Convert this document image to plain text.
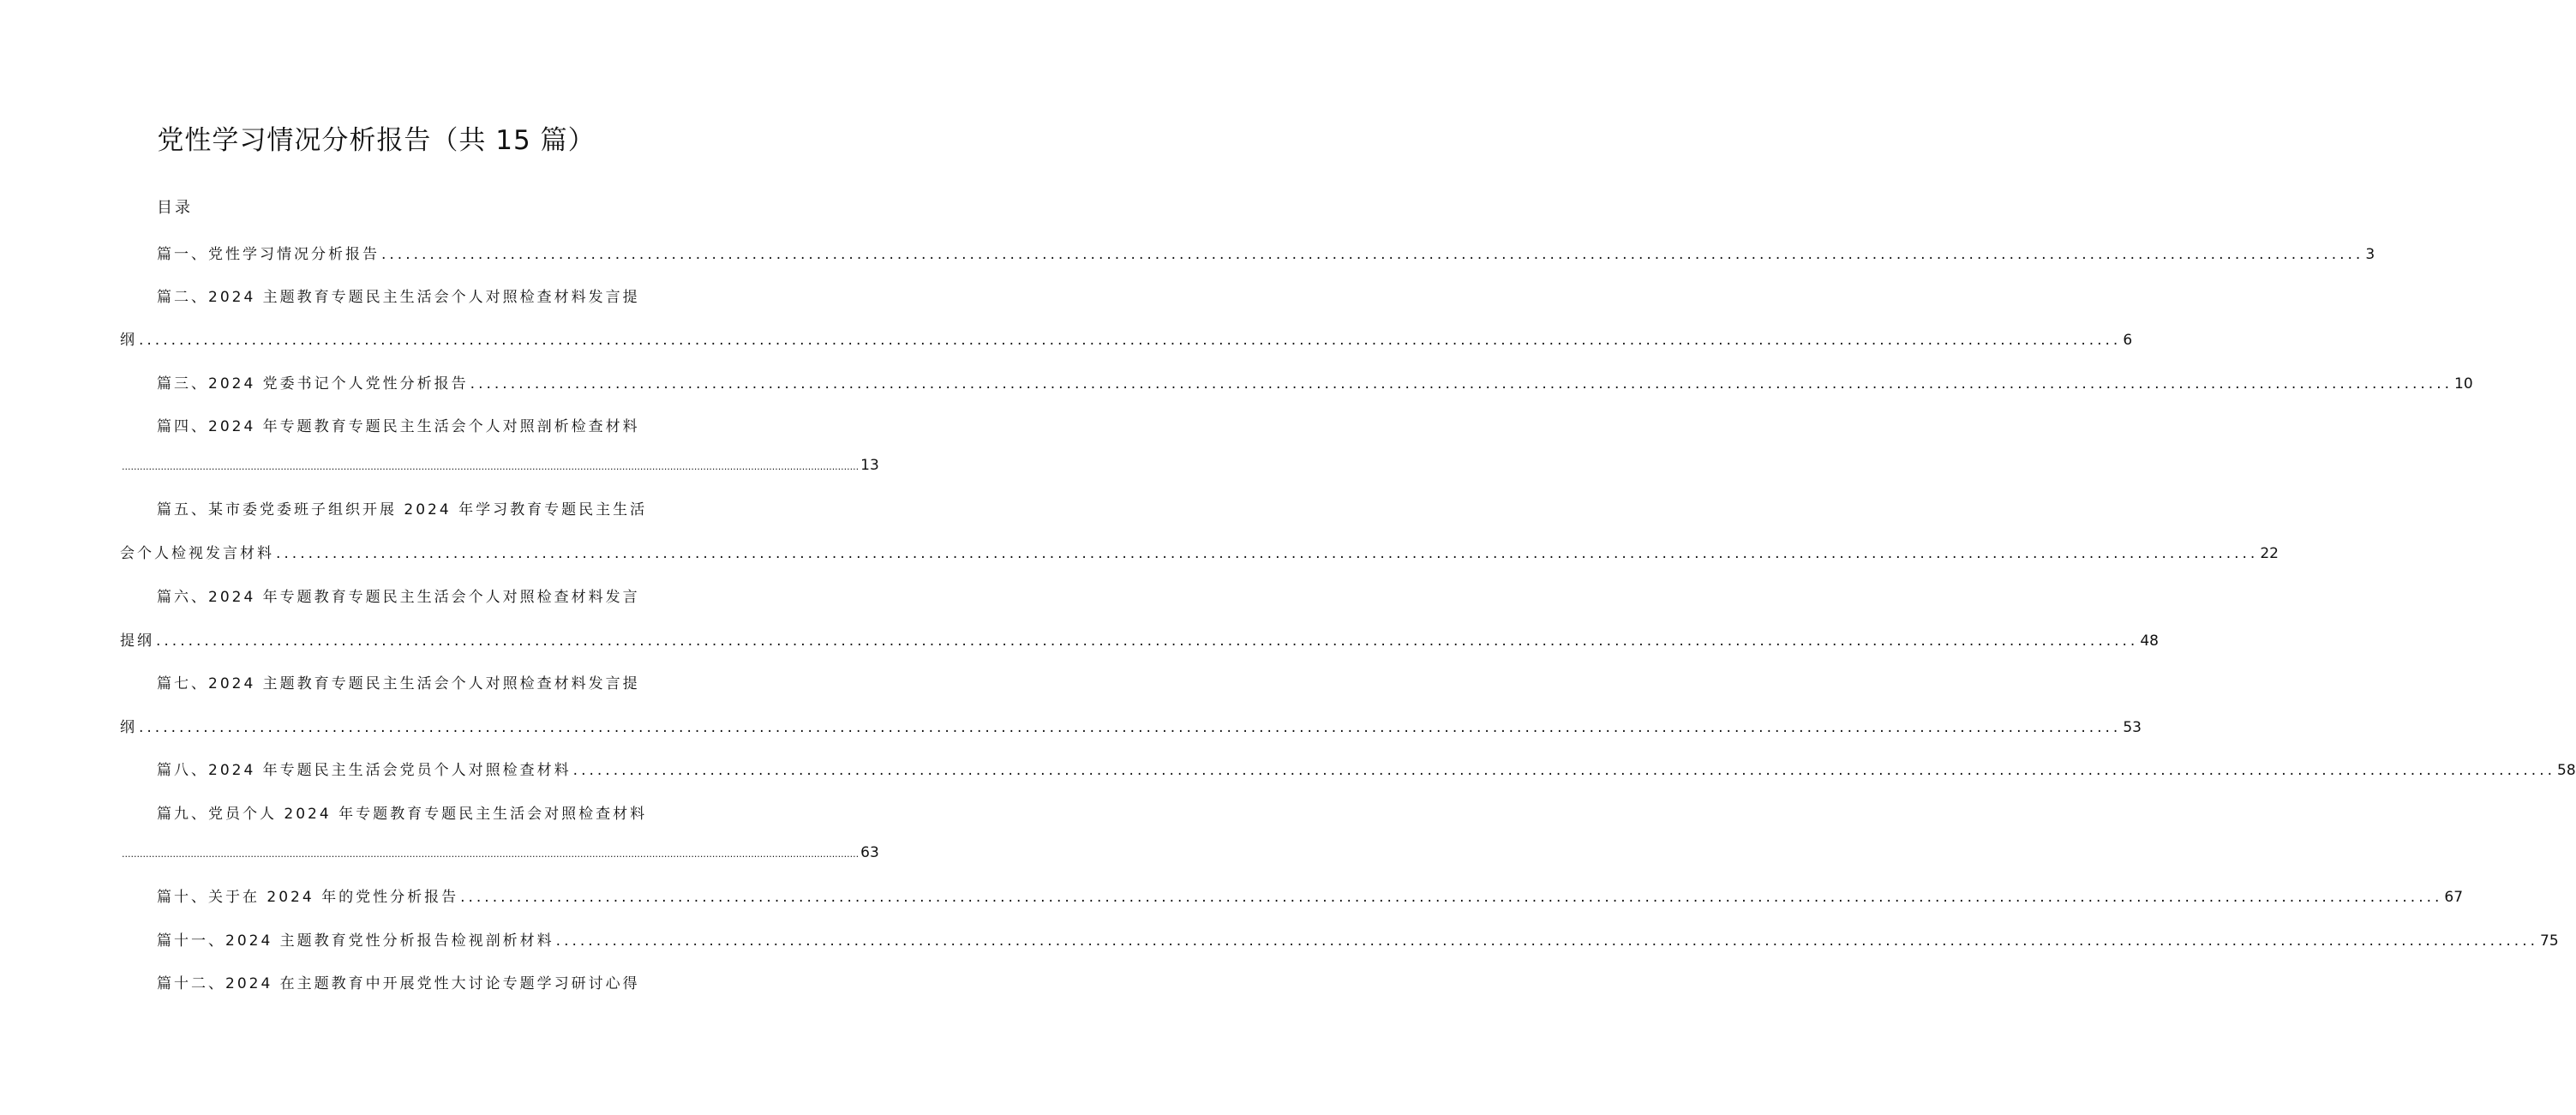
党性学习情况分析报告（共 15 篇）
目录
篇一、党性学习情况分析报告 ...................................................................................................................................................................................................................................................... 3
篇二、2024 主题教育专题民主生活会个人对照检查材料发言提
纲 ...................................................................................................................................................................................................................................................... 6
篇三、2024 党委书记个人党性分析报告 ...................................................................................................................................................................................................................................................... 10
篇四、2024 年专题教育专题民主生活会个人对照剖析检查材料
...................................................................................................................................................................................................................................................... 13
篇五、某市委党委班子组织开展 2024 年学习教育专题民主生活
会个人检视发言材料 ...................................................................................................................................................................................................................................................... 22
篇六、2024 年专题教育专题民主生活会个人对照检查材料发言
提纲 ...................................................................................................................................................................................................................................................... 48
篇七、2024 主题教育专题民主生活会个人对照检查材料发言提
纲 ...................................................................................................................................................................................................................................................... 53
篇八、2024 年专题民主生活会党员个人对照检查材料 ...................................................................................................................................................................................................................................................... 58
篇九、党员个人 2024 年专题教育专题民主生活会对照检查材料
...................................................................................................................................................................................................................................................... 63
篇十、关于在 2024 年的党性分析报告 ...................................................................................................................................................................................................................................................... 67
篇十一、2024 主题教育党性分析报告检视剖析材料 ...................................................................................................................................................................................................................................................... 75
篇十二、2024 在主题教育中开展党性大讨论专题学习研讨心得
